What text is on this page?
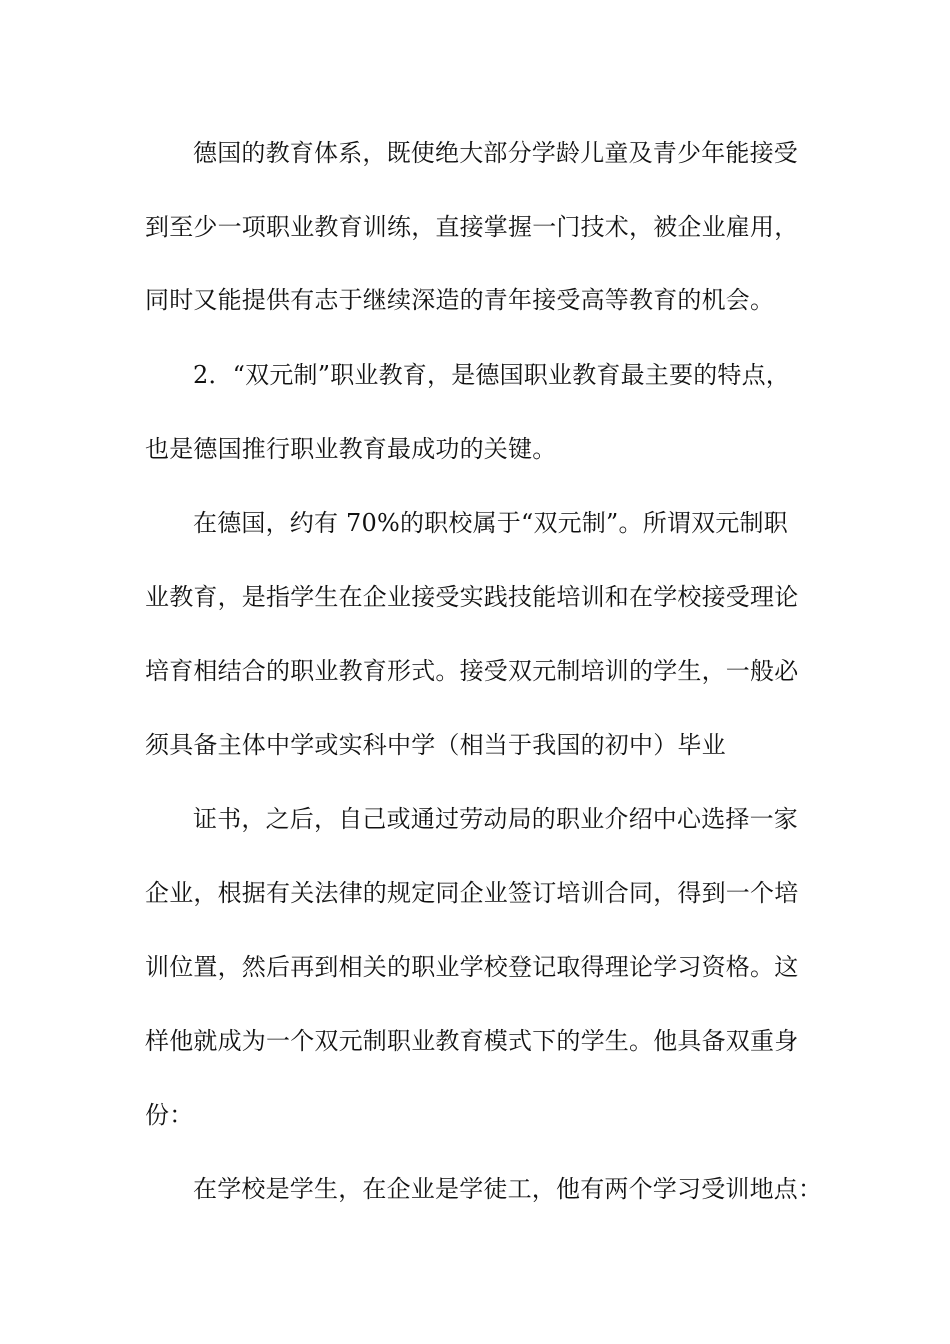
德国的教育体系，既使绝大部分学龄儿童及青少年能接受
到至少一项职业教育训练，直接掌握一门技术，被企业雇用，
同时又能提供有志于继续深造的青年接受高等教育的机会。
2．“双元制”职业教育，是德国职业教育最主要的特点，
也是德国推行职业教育最成功的关键。
在德国，约有 70%的职校属于“双元制”。所谓双元制职
业教育，是指学生在企业接受实践技能培训和在学校接受理论
培育相结合的职业教育形式。接受双元制培训的学生，一般必
须具备主体中学或实科中学（相当于我国的初中）毕业
证书，之后，自己或通过劳动局的职业介绍中心选择一家
企业，根据有关法律的规定同企业签订培训合同，得到一个培
训位置，然后再到相关的职业学校登记取得理论学习资格。这
样他就成为一个双元制职业教育模式下的学生。他具备双重身
份：
在学校是学生，在企业是学徒工，他有两个学习受训地点：
